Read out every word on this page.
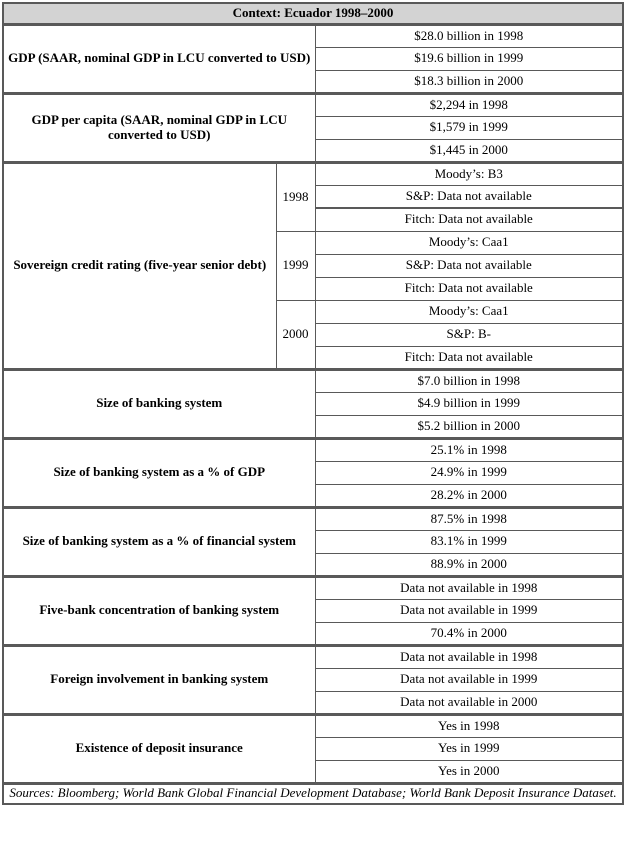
Context: Ecuador 1998–2000		
GDP (SAAR, nominal GDP in LCU converted to USD)		$28.0 billion in 1998
		$19.6 billion in 1999
		$18.3 billion in 2000
GDP per capita (SAAR, nominal GDP in LCU converted to USD)		$2,294 in 1998
		$1,579 in 1999
		$1,445 in 2000
Sovereign credit rating (five-year senior debt)	1998	Moody’s: B3
		S&P: Data not available
		Fitch: Data not available
	1999	Moody’s: Caa1
		S&P: Data not available
		Fitch: Data not available
	2000	Moody’s: Caa1
		S&P: B-
		Fitch: Data not available
Size of banking system		$7.0 billion in 1998
		$4.9 billion in 1999
		$5.2 billion in 2000
Size of banking system as a % of GDP		25.1% in 1998
		24.9% in 1999
		28.2% in 2000
Size of banking system as a % of financial system		87.5% in 1998
		83.1% in 1999
		88.9% in 2000
Five-bank concentration of banking system		Data not available in 1998
		Data not available in 1999
		70.4% in 2000
Foreign involvement in banking system		Data not available in 1998
		Data not available in 1999
		Data not available in 2000
Existence of deposit insurance		Yes in 1998
		Yes in 1999
		Yes in 2000
Sources: Bloomberg; World Bank Global Financial Development Database; World Bank Deposit Insurance Dataset.		
